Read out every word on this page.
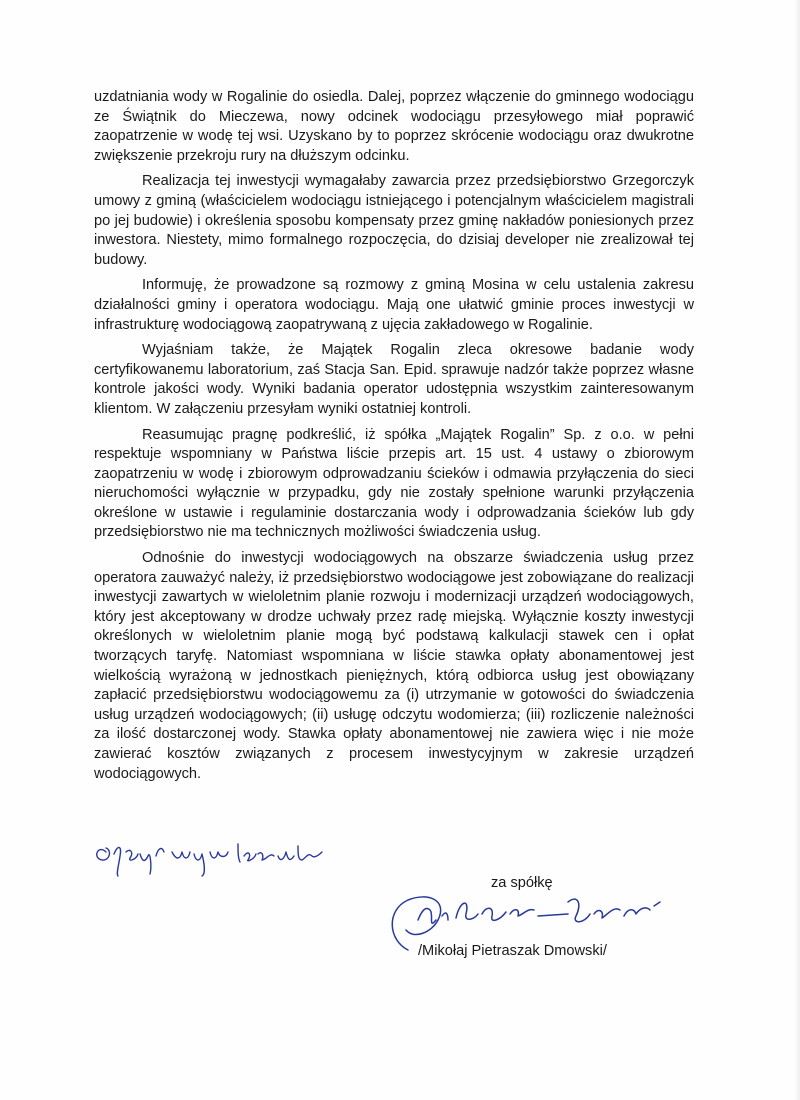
uzdatniania wody w Rogalinie do osiedla. Dalej, poprzez włączenie do gminnego wodociągu ze Świątnik do Mieczewa, nowy odcinek wodociągu przesyłowego miał poprawić zaopatrzenie w wodę tej wsi. Uzyskano by to poprzez skrócenie wodociągu oraz dwukrotne zwiększenie przekroju rury na dłuższym odcinku.

Realizacja tej inwestycji wymagałaby zawarcia przez przedsiębiorstwo Grzegorczyk umowy z gminą (właścicielem wodociągu istniejącego i potencjalnym właścicielem magistrali po jej budowie) i określenia sposobu kompensaty przez gminę nakładów poniesionych przez inwestora. Niestety, mimo formalnego rozpoczęcia, do dzisiaj developer nie zrealizował tej budowy.

Informuję, że prowadzone są rozmowy z gminą Mosina w celu ustalenia zakresu działalności gminy i operatora wodociągu. Mają one ułatwić gminie proces inwestycji w infrastrukturę wodociągową zaopatrywaną z ujęcia zakładowego w Rogalinie.

Wyjaśniam także, że Majątek Rogalin zleca okresowe badanie wody certyfikowanemu laboratorium, zaś Stacja San. Epid. sprawuje nadzór także poprzez własne kontrole jakości wody. Wyniki badania operator udostępnia wszystkim zainteresowanym klientom. W załączeniu przesyłam wyniki ostatniej kontroli.

Reasumując pragnę podkreślić, iż spółka „Majątek Rogalin” Sp. z o.o. w pełni respektuje wspomniany w Państwa liście przepis art. 15 ust. 4 ustawy o zbiorowym zaopatrzeniu w wodę i zbiorowym odprowadzaniu ścieków i odmawia przyłączenia do sieci nieruchomości wyłącznie w przypadku, gdy nie zostały spełnione warunki przyłączenia określone w ustawie i regulaminie dostarczania wody i odprowadzania ścieków lub gdy przedsiębiorstwo nie ma technicznych możliwości świadczenia usług.

Odnośnie do inwestycji wodociągowych na obszarze świadczenia usług przez operatora zauważyć należy, iż przedsiębiorstwo wodociągowe jest zobowiązane do realizacji inwestycji zawartych w wieloletnim planie rozwoju i modernizacji urządzeń wodociągowych, który jest akceptowany w drodze uchwały przez radę miejską. Wyłącznie koszty inwestycji określonych w wieloletnim planie mogą być podstawą kalkulacji stawek cen i opłat tworzących taryfę. Natomiast wspomniana w liście stawka opłaty abonamentowej jest wielkością wyrażoną w jednostkach pieniężnych, którą odbiorca usług jest obowiązany zapłacić przedsiębiorstwu wodociągowemu za (i) utrzymanie w gotowości do świadczenia usług urządzeń wodociągowych; (ii) usługę odczytu wodomierza; (iii) rozliczenie należności za ilość dostarczonej wody. Stawka opłaty abonamentowej nie zawiera więc i nie może zawierać kosztów związanych z procesem inwestycyjnym w zakresie urządzeń wodociągowych.

za spółkę
/Mikołaj Pietraszak Dmowski/
